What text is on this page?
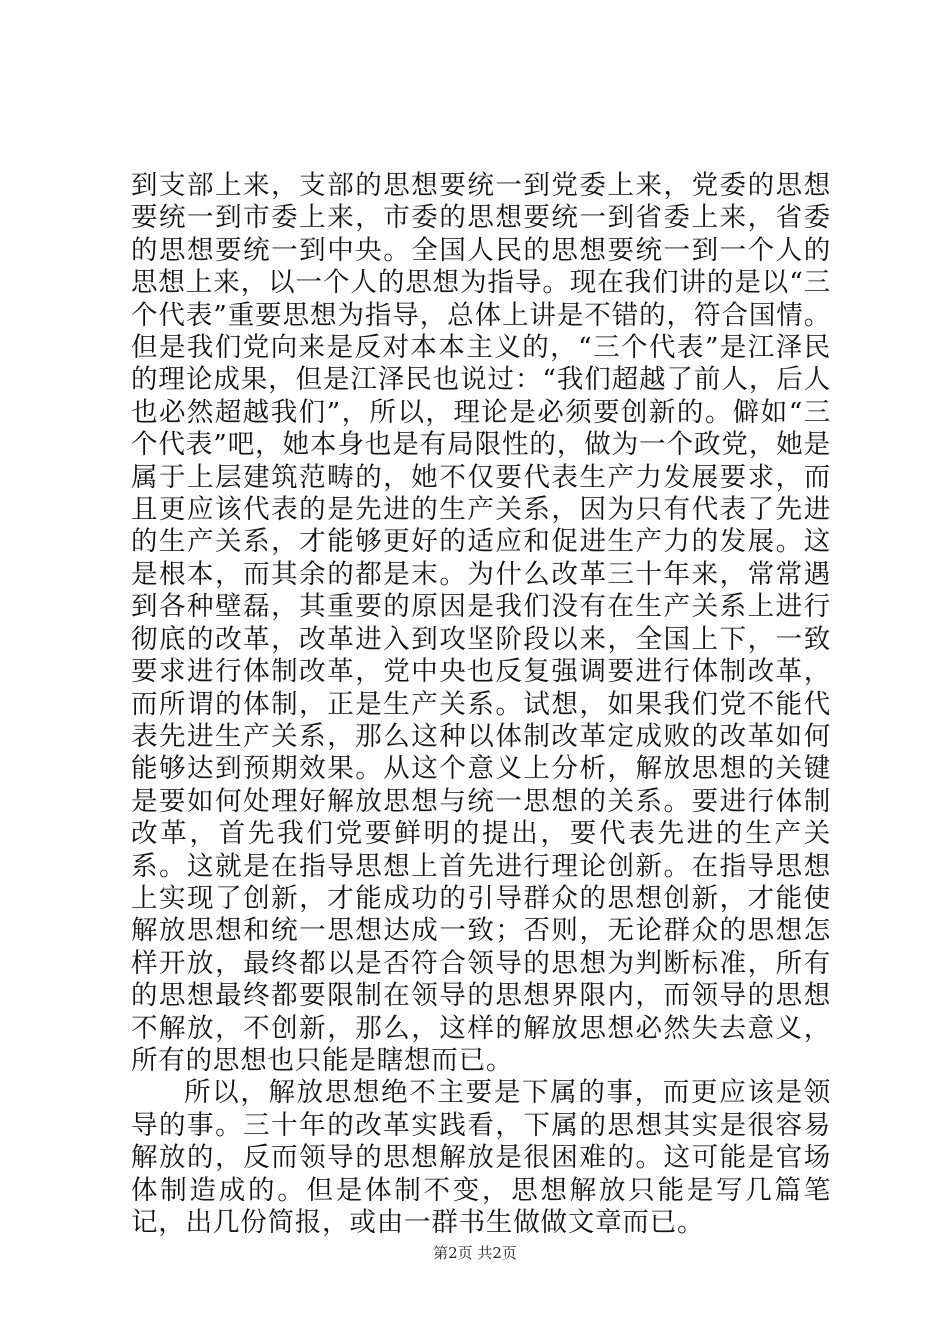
到支部上来，支部的思想要统一到党委上来，党委的思想要统一到市委上来，市委的思想要统一到省委上来，省委的思想要统一到中央。全国人民的思想要统一到一个人的思想上来，以一个人的思想为指导。现在我们讲的是以“三个代表”重要思想为指导，总体上讲是不错的，符合国情。但是我们党向来是反对本本主义的，“三个代表”是江泽民的理论成果，但是江泽民也说过：“我们超越了前人，后人也必然超越我们”，所以，理论是必须要创新的。僻如“三个代表”吧，她本身也是有局限性的，做为一个政党，她是属于上层建筑范畴的，她不仅要代表生产力发展要求，而且更应该代表的是先进的生产关系，因为只有代表了先进的生产关系，才能够更好的适应和促进生产力的发展。这是根本，而其余的都是末。为什么改革三十年来，常常遇到各种壁磊，其重要的原因是我们没有在生产关系上进行彻底的改革，改革进入到攻坚阶段以来，全国上下，一致要求进行体制改革，党中央也反复强调要进行体制改革，而所谓的体制，正是生产关系。试想，如果我们党不能代表先进生产关系，那么这种以体制改革定成败的改革如何能够达到预期效果。从这个意义上分析，解放思想的关键是要如何处理好解放思想与统一思想的关系。要进行体制改革，首先我们党要鲜明的提出，要代表先进的生产关系。这就是在指导思想上首先进行理论创新。在指导思想上实现了创新，才能成功的引导群众的思想创新，才能使解放思想和统一思想达成一致；否则，无论群众的思想怎样开放，最终都以是否符合领导的思想为判断标准，所有的思想最终都要限制在领导的思想界限内，而领导的思想不解放，不创新，那么，这样的解放思想必然失去意义，所有的思想也只能是瞎想而已。

所以，解放思想绝不主要是下属的事，而更应该是领导的事。三十年的改革实践看，下属的思想其实是很容易解放的，反而领导的思想解放是很困难的。这可能是官场体制造成的。但是体制不变，思想解放只能是写几篇笔记，出几份简报，或由一群书生做做文章而已。

第2页 共2页
